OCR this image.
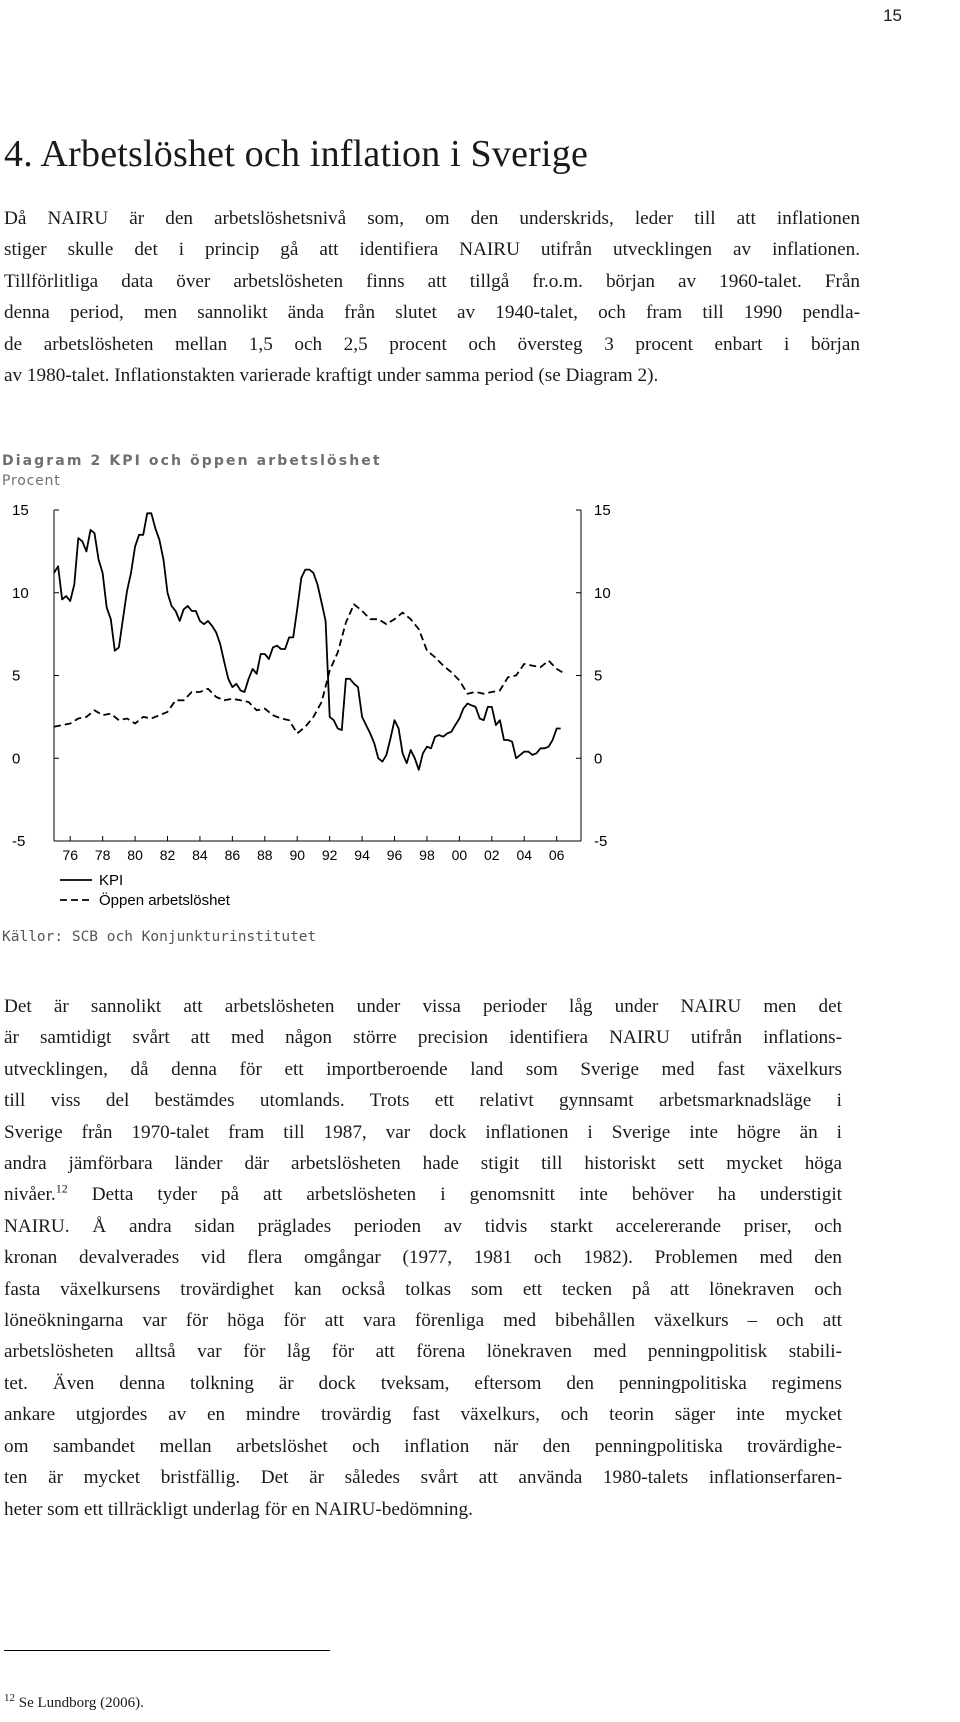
15
4. Arbetslöshet och inflation i Sverige

Då NAIRU är den arbetslöshetsnivå som, om den underskrids, leder till att inflationen
stiger skulle det i princip gå att identifiera NAIRU utifrån utvecklingen av inflationen.
Tillförlitliga data över arbetslösheten finns att tillgå fr.o.m. början av 1960-talet. Från
denna period, men sannolikt ända från slutet av 1940-talet, och fram till 1990 pendla-
de arbetslösheten mellan 1,5 och 2,5 procent och översteg 3 procent enbart i början
av 1980-talet. Inflationstakten varierade kraftigt under samma period (se Diagram 2).

Diagram 2 KPI och öppen arbetslöshet
Procent
-5	-5
0	0
5	5
10	10
15	15
76 78 80 82 84 86 88 90 92 94 96 98 00 02 04 06
KPI
Öppen arbetslöshet
Källor: SCB och Konjunkturinstitutet

Det är sannolikt att arbetslösheten under vissa perioder låg under NAIRU men det
är samtidigt svårt att med någon större precision identifiera NAIRU utifrån inflations-
utvecklingen, då denna för ett importberoende land som Sverige med fast växelkurs
till viss del bestämdes utomlands. Trots ett relativt gynnsamt arbetsmarknadsläge i
Sverige från 1970-talet fram till 1987, var dock inflationen i Sverige inte högre än i
andra jämförbara länder där arbetslösheten hade stigit till historiskt sett mycket höga
nivåer.$^{12}$ Detta tyder på att arbetslösheten i genomsnitt inte behöver ha understigit
NAIRU. Å andra sidan präglades perioden av tidvis starkt accelererande priser, och
kronan devalverades vid flera omgångar (1977, 1981 och 1982). Problemen med den
fasta växelkursens trovärdighet kan också tolkas som ett tecken på att lönekraven och
löneökningarna var för höga för att vara förenliga med bibehållen växelkurs – och att
arbetslösheten alltså var för låg för att förena lönekraven med penningpolitisk stabili-
tet. Även denna tolkning är dock tveksam, eftersom den penningpolitiska regimens
ankare utgjordes av en mindre trovärdig fast växelkurs, och teorin säger inte mycket
om sambandet mellan arbetslöshet och inflation när den penningpolitiska trovärdighe-
ten är mycket bristfällig. Det är således svårt att använda 1980-talets inflationserfaren-
heter som ett tillräckligt underlag för en NAIRU-bedömning.

$^{12}$ Se Lundborg (2006).
